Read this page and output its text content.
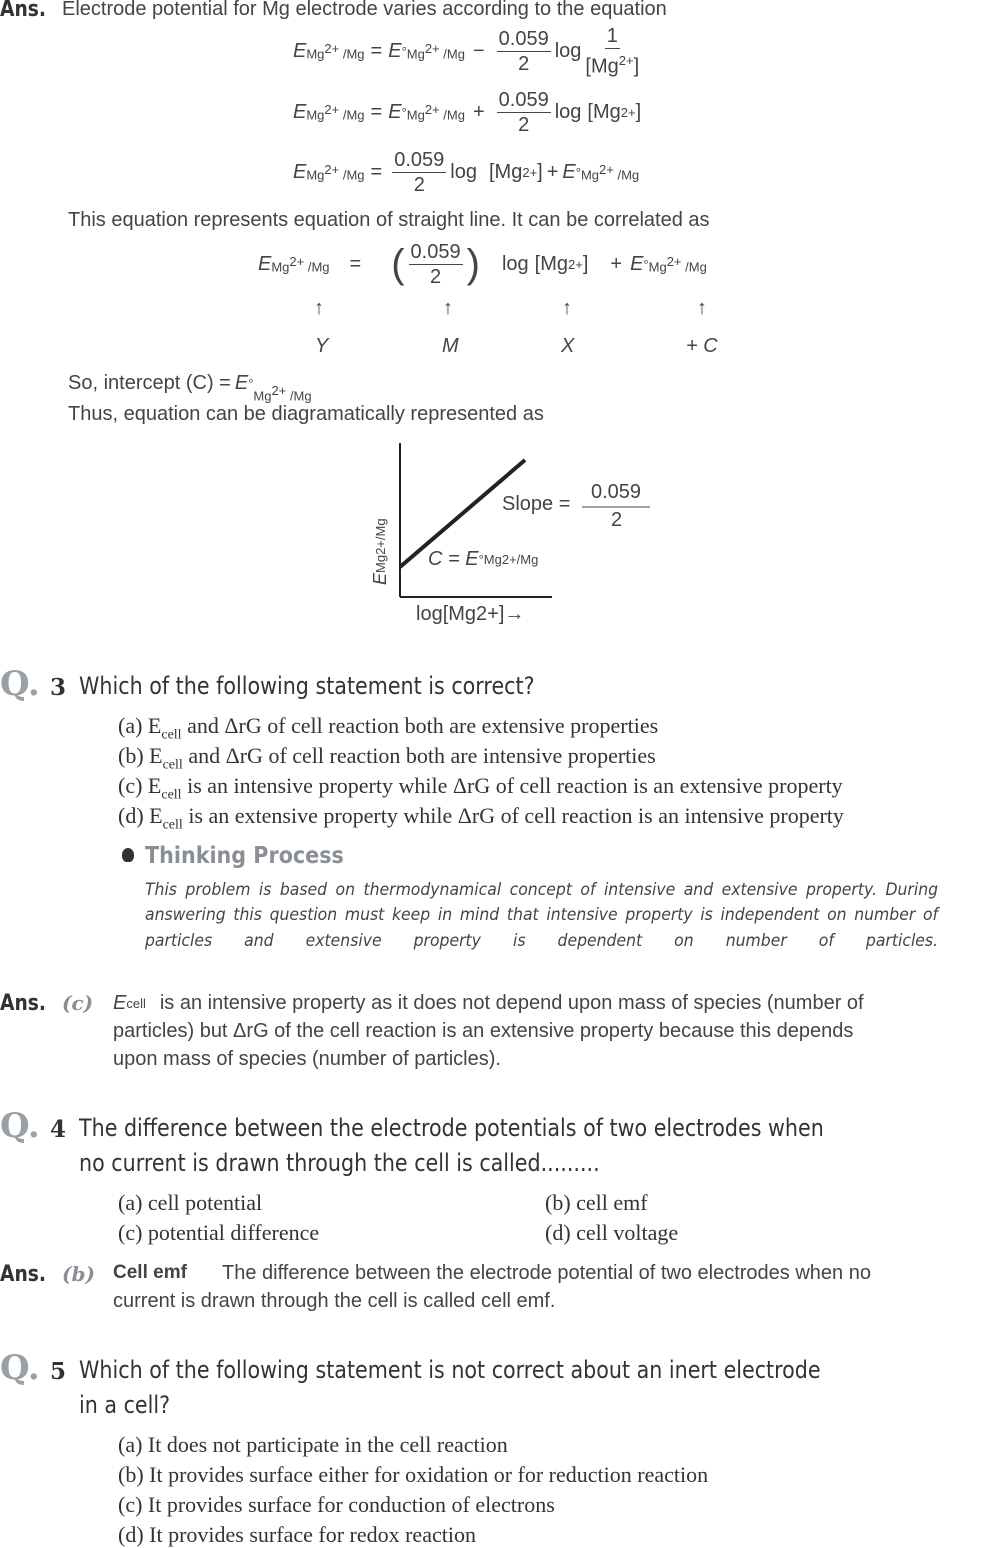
Ans. Electrode potential for Mg electrode varies according to the equation
E $Mg^{2+}$ /Mg = E ° $Mg^{2+}$ $/Mg - \frac{0.059}{2}$ $\log \frac{1}{[Mg^{2+}]}$
E $Mg^{2+}$ /Mg = E ° $Mg^{2+}$ $/Mg + \frac{0.059}{2}$ log [ Mg 2+ ]
E $Mg^{2+}$ $/Mg = \frac{0.059}{2}$ log [ Mg 2+ ] + E ° $Mg^{2+}$ /Mg
This equation represents equation of straight line. It can be correlated as
E $Mg^{2+}$ /Mg = ( $\frac{0.059}{2}$ ) log [ Mg 2+ ] + E ° $Mg^{2+}$ /Mg
↑	↑	↑	↑
Y	M	X	+ C
So, intercept (C) = E °
$_{Mg^{2+} /Mg}$
Thus, equation can be diagramatically represented as
E
Mg2+/Mg
Slope =
0.059
2
C = E ° Mg2+/Mg
log[Mg2+]→
Q. 3 Which of the following statement is correct?
(a) $E_{cell}$ and ΔrG of cell reaction both are extensive properties
(b) $E_{cell}$ and ΔrG of cell reaction both are intensive properties
(c) $E_{cell}$ is an intensive property while ΔrG of cell reaction is an extensive property
(d) $E_{cell}$ is an extensive property while ΔrG of cell reaction is an intensive property
Thinking Process
This problem is based on thermodynamical concept of intensive and extensive property. During answering this question must keep in mind that intensive property is independent on number of particles and extensive property is dependent on number of particles.
Ans. (c) E cell is an intensive property as it does not depend upon mass of species (number of
particles) but ΔrG of the cell reaction is an extensive property because this depends
upon mass of species (number of particles).
Q. 4 The difference between the electrode potentials of two electrodes when
no current is drawn through the cell is called.........
(a) cell potential	(b) cell emf
(c) potential difference	(d) cell voltage
Ans. (b) Cell emf The difference between the electrode potential of two electrodes when no
current is drawn through the cell is called cell emf.
Q. 5 Which of the following statement is not correct about an inert electrode
in a cell?
(a) It does not participate in the cell reaction
(b) It provides surface either for oxidation or for reduction reaction
(c) It provides surface for conduction of electrons
(d) It provides surface for redox reaction
